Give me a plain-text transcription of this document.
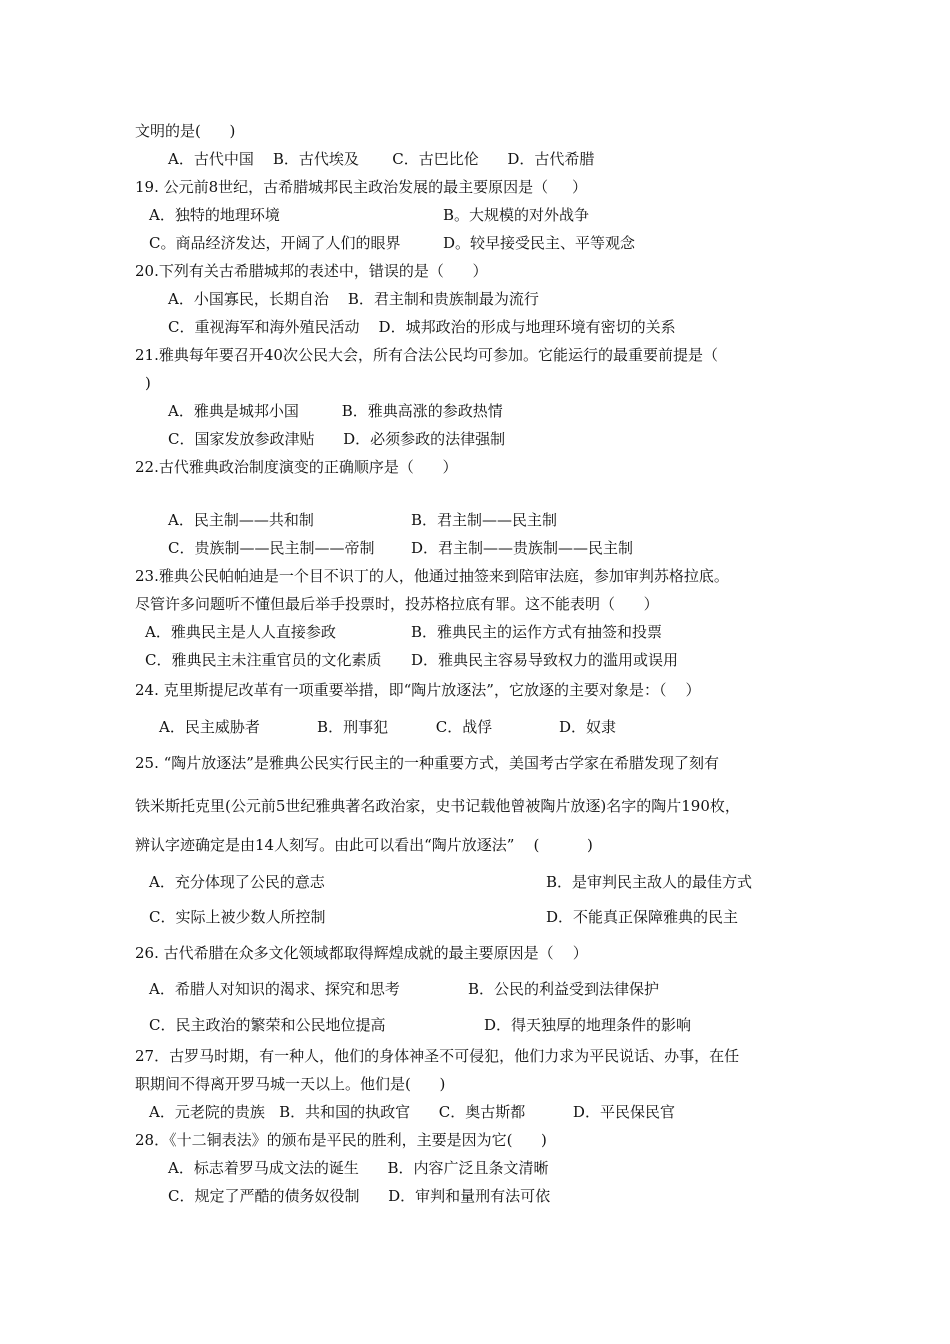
文明的是(      )
A．古代中国    B．古代埃及       C．古巴比伦      D．古代希腊
19. 公元前8世纪，古希腊城邦民主政治发展的最主要原因是（     ）
A．独特的地理环境	B。大规模的对外战争
C。商品经济发达，开阔了人们的眼界	D。较早接受民主、平等观念
20.下列有关古希腊城邦的表述中，错误的是（      ）
A．小国寡民，长期自治    B．君主制和贵族制最为流行
C．重视海军和海外殖民活动    D．城邦政治的形成与地理环境有密切的关系
21.雅典每年要召开40次公民大会，所有合法公民均可参加。它能运行的最重要前提是（
)
A．雅典是城邦小国         B．雅典高涨的参政热情
C．国家发放参政津贴      D．必须参政的法律强制
22.古代雅典政治制度演变的正确顺序是（      ）
A．民主制——共和制	B．君主制——民主制
C．贵族制——民主制——帝制 D．君主制——贵族制——民主制
23.雅典公民帕帕迪是一个目不识丁的人，他通过抽签来到陪审法庭，参加审判苏格拉底。
尽管许多问题听不懂但最后举手投票时，投苏格拉底有罪。这不能表明（      ）
A．雅典民主是人人直接参政	B．雅典民主的运作方式有抽签和投票
C．雅典民主未注重官员的文化素质 D．雅典民主容易导致权力的滥用或误用
24. 克里斯提尼改革有一项重要举措，即“陶片放逐法”，它放逐的主要对象是：（    ）
A．民主威胁者            B．刑事犯          C．战俘              D．奴隶
25. “陶片放逐法”是雅典公民实行民主的一种重要方式，美国考古学家在希腊发现了刻有
铁米斯托克里(公元前5世纪雅典著名政治家，史书记载他曾被陶片放逐)名字的陶片190枚，
辨认字迹确定是由14人刻写。由此可以看出“陶片放逐法”    (          )
A．充分体现了公民的意志	B．是审判民主敌人的最佳方式
C．实际上被少数人所控制	D．不能真正保障雅典的民主
26. 古代希腊在众多文化领域都取得辉煌成就的最主要原因是（    ）
A．希腊人对知识的渴求、探究和思考	B．公民的利益受到法律保护
C．民主政治的繁荣和公民地位提高	D．得天独厚的地理条件的影响
27．古罗马时期，有一种人，他们的身体神圣不可侵犯，他们力求为平民说话、办事，在任
职期间不得离开罗马城一天以上。他们是(      )
A．元老院的贵族   B．共和国的执政官      C．奥古斯都          D．平民保民官
28．《十二铜表法》的颁布是平民的胜利，主要是因为它(      )
A．标志着罗马成文法的诞生      B．内容广泛且条文清晰
C．规定了严酷的债务奴役制      D．审判和量刑有法可依
